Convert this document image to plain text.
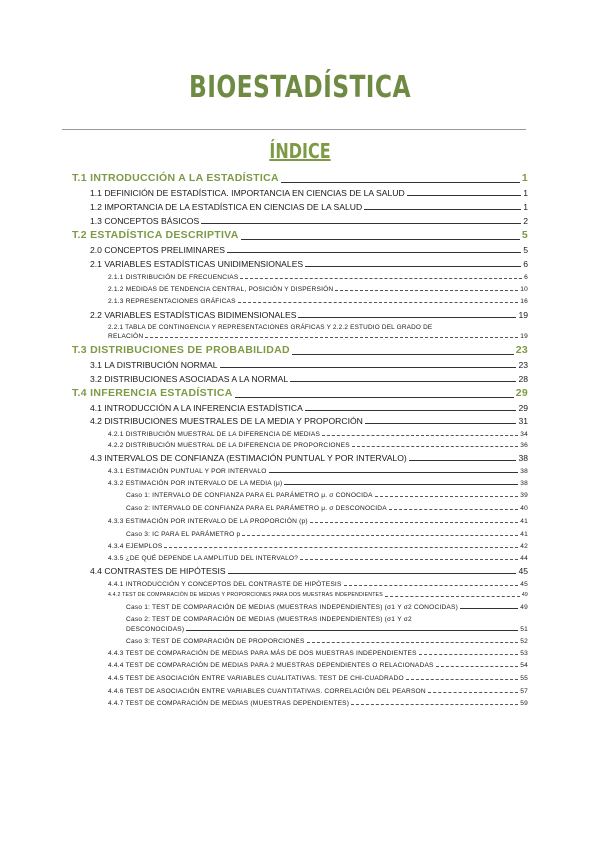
BIOESTADÍSTICA
ÍNDICE
T.1 INTRODUCCIÓN A LA ESTADÍSTICA	1
1.1 DEFINICIÓN DE ESTADÍSTICA. IMPORTANCIA EN CIENCIAS DE LA SALUD	1
1.2 IMPORTANCIA DE LA ESTADÍSTICA EN CIENCIAS DE LA SALUD	1
1.3 CONCEPTOS BÁSICOS	2
T.2 ESTADÍSTICA DESCRIPTIVA	5
2.0 CONCEPTOS PRELIMINARES	5
2.1 VARIABLES ESTADÍSTICAS UNIDIMENSIONALES	6
2.1.1 DISTRIBUCIÓN DE FRECUENCIAS	6
2.1.2 MEDIDAS DE TENDENCIA CENTRAL, POSICIÓN Y DISPERSIÓN	10
2.1.3 REPRESENTACIONES GRÁFICAS	16
2.2 VARIABLES ESTADÍSTICAS BIDIMENSIONALES	19
2.2.1 TABLA DE CONTINGENCIA Y REPRESENTACIONES GRÁFICAS Y 2.2.2 ESTUDIO DEL GRADO DE
RELACIÓN	19
T.3 DISTRIBUCIONES DE PROBABILIDAD	23
3.1 LA DISTRIBUCIÓN NORMAL	23
3.2 DISTRIBUCIONES ASOCIADAS A LA NORMAL	28
T.4 INFERENCIA ESTADÍSTICA	29
4.1 INTRODUCCIÓN A LA INFERENCIA ESTADÍSTICA	29
4.2 DISTRIBUCIONES MUESTRALES DE LA MEDIA Y PROPORCIÓN	31
4.2.1 DISTRIBUCIÓN MUESTRAL DE LA DIFERENCIA DE MEDIAS	34
4.2.2 DISTRIBUCIÓN MUESTRAL DE LA DIFERENCIA DE PROPORCIONES	36
4.3 INTERVALOS DE CONFIANZA (ESTIMACIÓN PUNTUAL Y POR INTERVALO)	38
4.3.1 ESTIMACIÓN PUNTUAL Y POR INTERVALO	38
4.3.2 ESTIMACIÓN POR INTERVALO DE LA MEDIA (μ)	38
Caso 1: INTERVALO DE CONFIANZA PARA EL PARÁMETRO μ. σ CONOCIDA	39
Caso 2: INTERVALO DE CONFIANZA PARA EL PARÁMETRO μ. σ DESCONOCIDA	40
4.3.3 ESTIMACIÓN POR INTERVALO DE LA PROPORCIÓN (p)	41
Caso 3: IC PARA EL PARÁMETRO p	41
4.3.4 EJEMPLOS	42
4.3.5 ¿DE QUÉ DEPENDE LA AMPLITUD DEL INTERVALO?	44
4.4 CONTRASTES DE HIPÓTESIS	45
4.4.1 INTRODUCCIÓN Y CONCEPTOS DEL CONTRASTE DE HIPÓTESIS	45
4.4.2 TEST DE COMPARACIÓN DE MEDIAS Y PROPORCIONES PARA DOS MUESTRAS INDEPENDIENTES	49
Caso 1: TEST DE COMPARACIÓN DE MEDIAS (MUESTRAS INDEPENDIENTES) (σ1 Y σ2 CONOCIDAS)	49
Caso 2: TEST DE COMPARACIÓN DE MEDIAS (MUESTRAS INDEPENDIENTES) (σ1 Y σ2
DESCONOCIDAS)	51
Caso 3: TEST DE COMPARACIÓN DE PROPORCIONES	52
4.4.3 TEST DE COMPARACIÓN DE MEDIAS PARA MÁS DE DOS MUESTRAS INDEPENDIENTES	53
4.4.4 TEST DE COMPARACIÓN DE MEDIAS PARA 2 MUESTRAS DEPENDIENTES O RELACIONADAS	54
4.4.5 TEST DE ASOCIACIÓN ENTRE VARIABLES CUALITATIVAS. TEST DE CHI-CUADRADO	55
4.4.6 TEST DE ASOCIACIÓN ENTRE VARIABLES CUANTITATIVAS. CORRELACIÓN DEL PEARSON	57
4.4.7 TEST DE COMPARACIÓN DE MEDIAS (MUESTRAS DEPENDIENTES)	59
